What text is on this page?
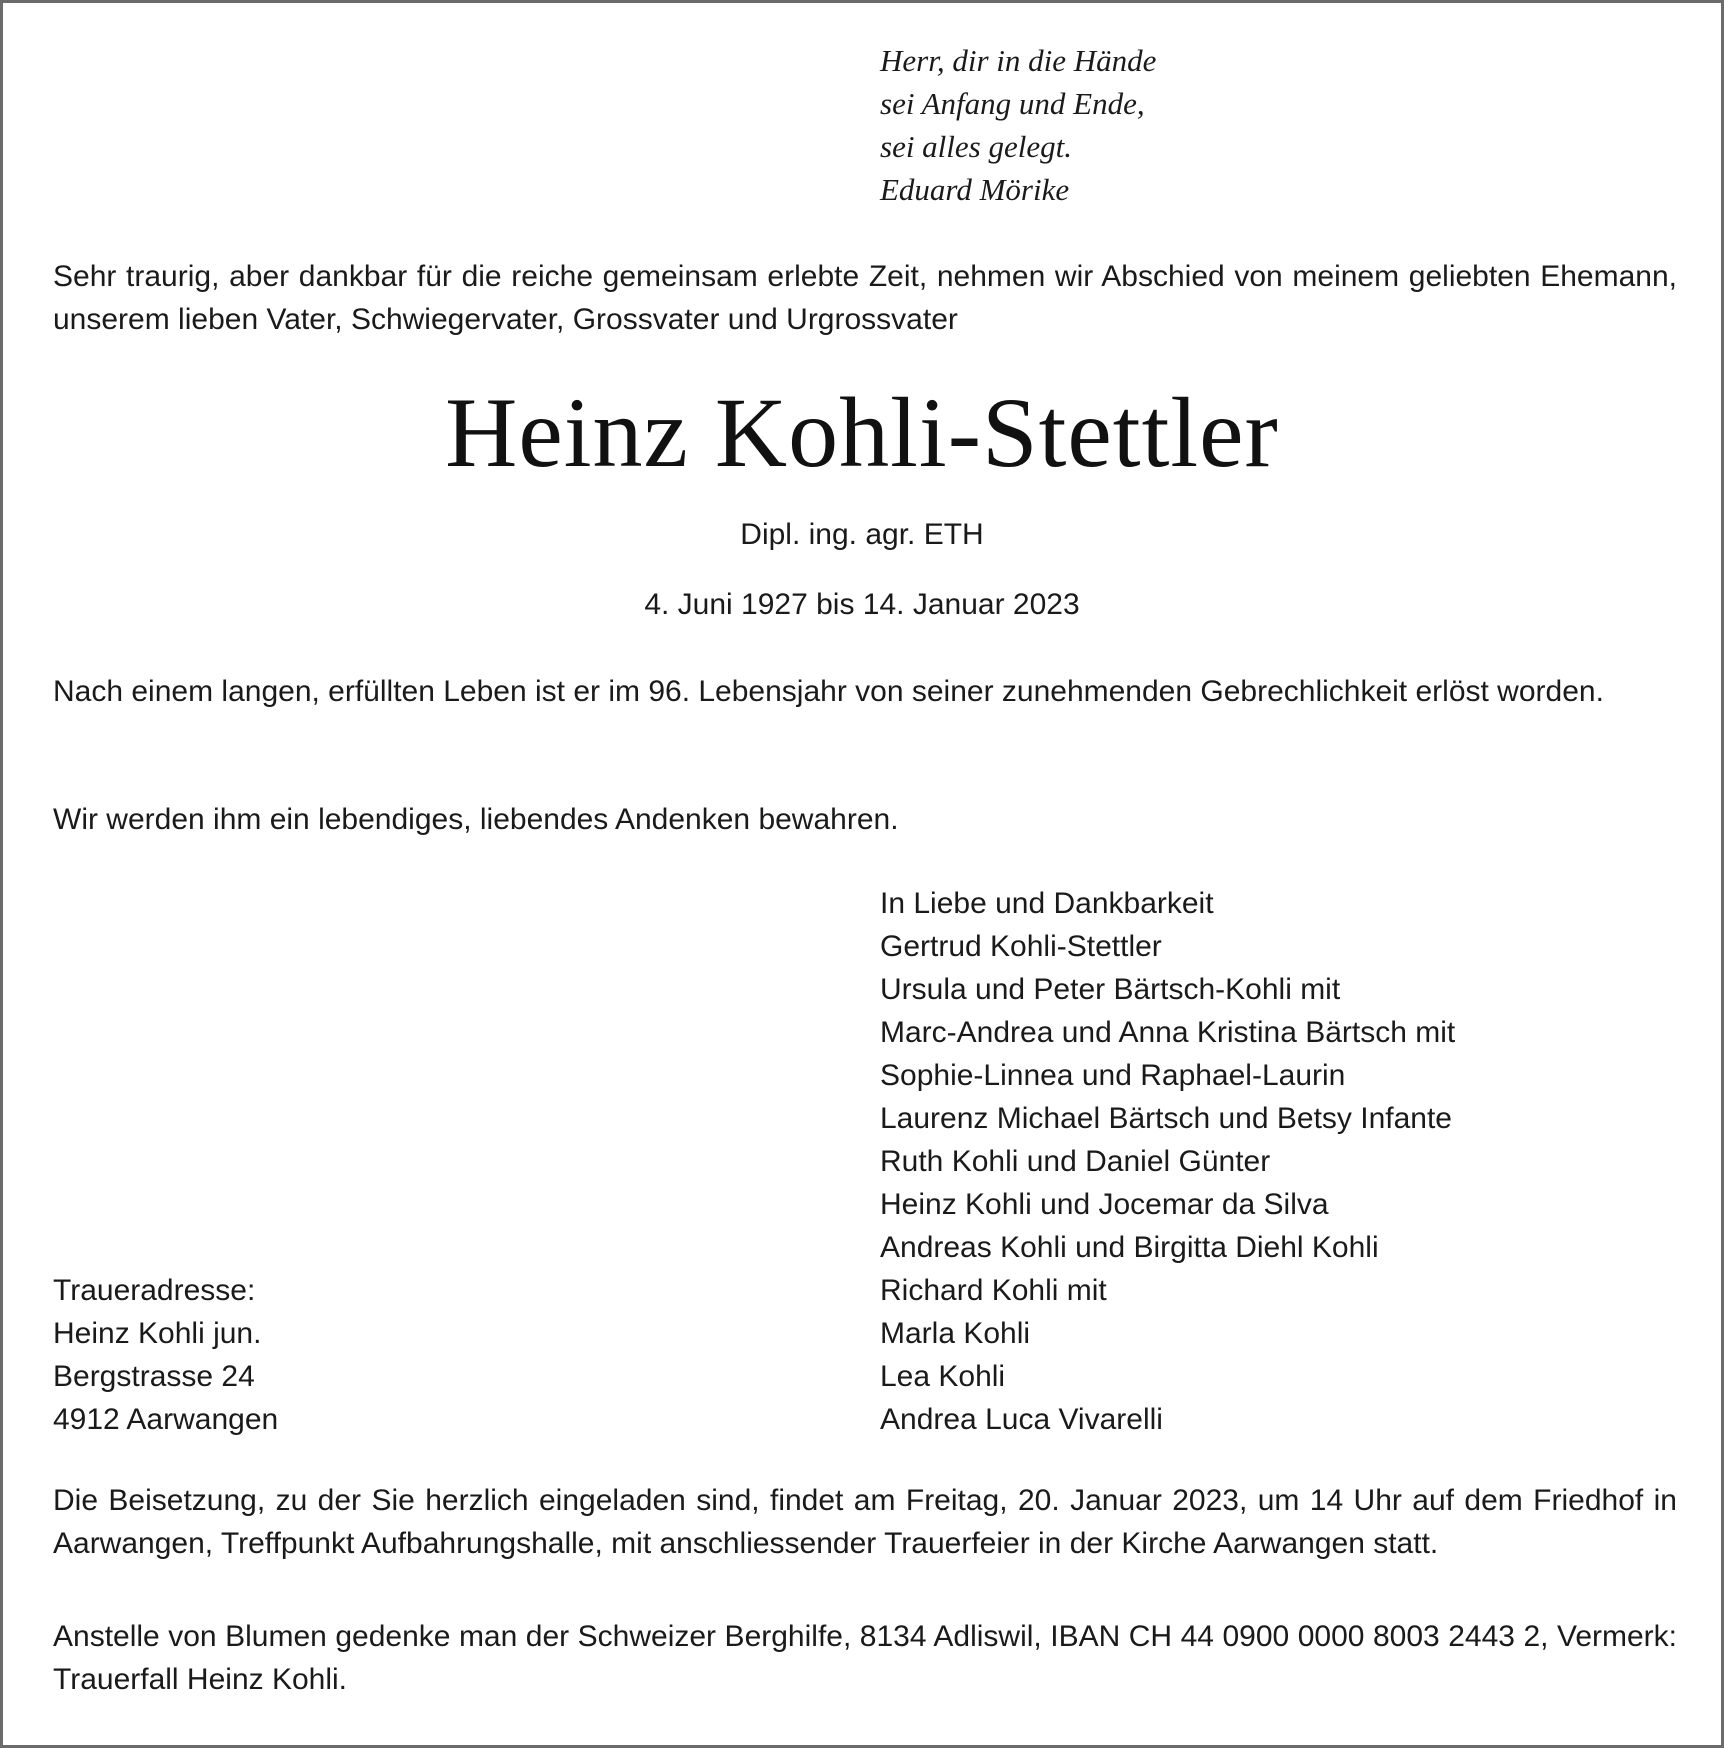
Herr, dir in die Hände
sei Anfang und Ende,
sei alles gelegt.
Eduard Mörike
Sehr traurig, aber dankbar für die reiche gemeinsam erlebte Zeit, nehmen wir Abschied von meinem geliebten Ehemann, unserem lieben Vater, Schwiegervater, Grossvater und Urgrossvater
Heinz Kohli-Stettler
Dipl. ing. agr. ETH
4. Juni 1927 bis 14. Januar 2023
Nach einem langen, erfüllten Leben ist er im 96. Lebensjahr von seiner zunehmenden Gebrechlichkeit erlöst worden.
Wir werden ihm ein lebendiges, liebendes Andenken bewahren.
In Liebe und Dankbarkeit
Gertrud Kohli-Stettler
Ursula und Peter Bärtsch-Kohli mit
Marc-Andrea und Anna Kristina Bärtsch mit
Sophie-Linnea und Raphael-Laurin
Laurenz Michael Bärtsch und Betsy Infante
Ruth Kohli und Daniel Günter
Heinz Kohli und Jocemar da Silva
Andreas Kohli und Birgitta Diehl Kohli
Richard Kohli mit
Marla Kohli
Lea Kohli
Andrea Luca Vivarelli
Traueradresse:
Heinz Kohli jun.
Bergstrasse 24
4912 Aarwangen
Die Beisetzung, zu der Sie herzlich eingeladen sind, findet am Freitag, 20. Januar 2023, um 14 Uhr auf dem Friedhof in Aarwangen, Treffpunkt Aufbahrungshalle, mit anschliessender Trauerfeier in der Kirche Aarwangen statt.
Anstelle von Blumen gedenke man der Schweizer Berghilfe, 8134 Adliswil, IBAN CH 44 0900 0000 8003 2443 2, Vermerk: Trauerfall Heinz Kohli.
